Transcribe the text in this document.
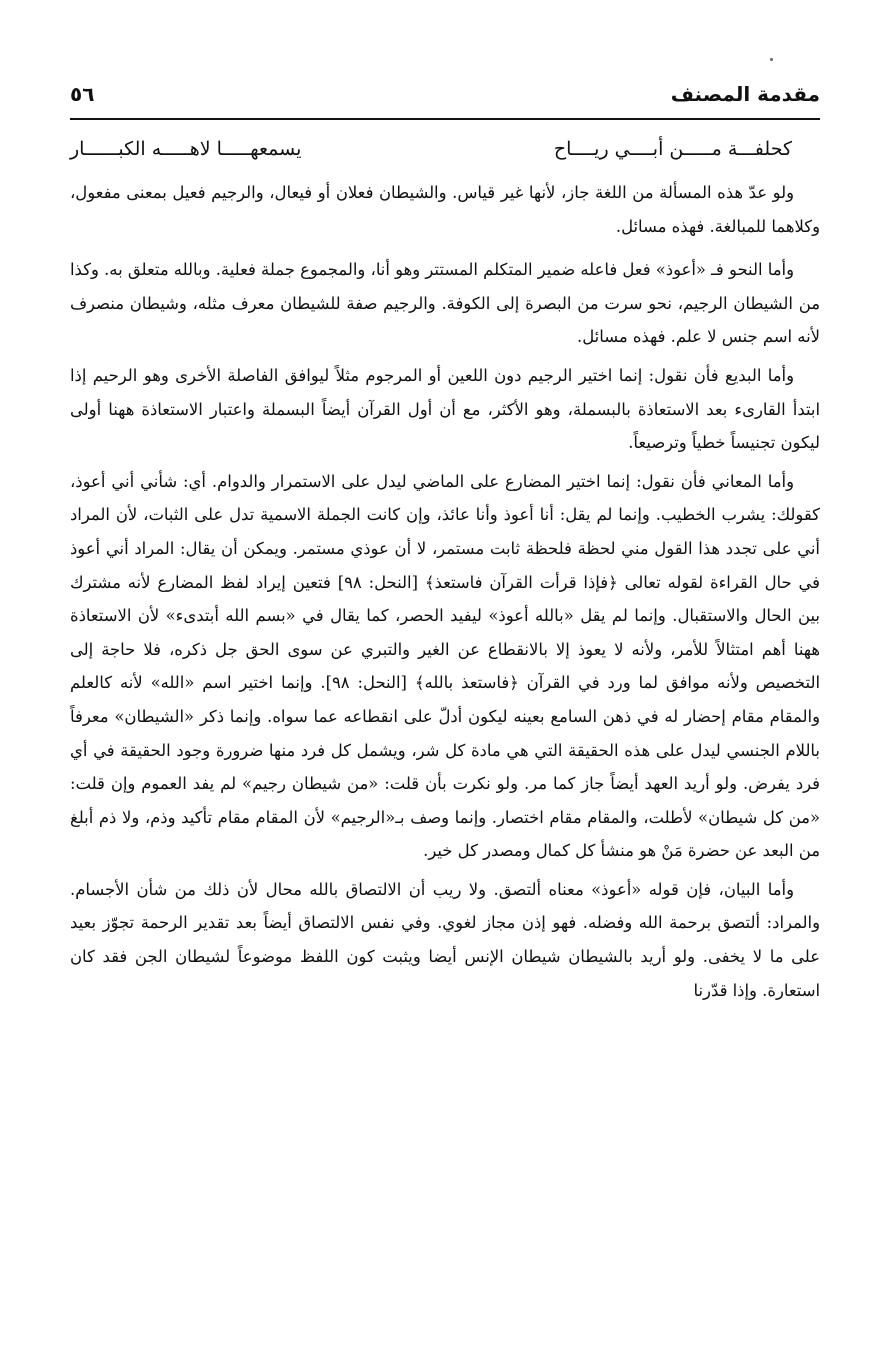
مقدمة المصنف
٥٦
كحلفـــة مـــــن أبــــي ريــــاح
يسمعهـــــا لاهـــــه الكبــــــار

ولو عدّ هذه المسألة من اللغة جاز، لأنها غير قياس. والشيطان فعلان أو فيعال، والرجيم فعيل بمعنى مفعول، وكلاهما للمبالغة. فهذه مسائل.

وأما النحو فـ «أعوذ» فعل فاعله ضمير المتكلم المستتر وهو أنا، والمجموع جملة فعلية. وبالله متعلق به. وكذا من الشيطان الرجيم، نحو سرت من البصرة إلى الكوفة. والرجيم صفة للشيطان معرف مثله، وشيطان منصرف لأنه اسم جنس لا علم. فهذه مسائل.

وأما البديع فأن نقول: إنما اختير الرجيم دون اللعين أو المرجوم مثلاً ليوافق الفاصلة الأخرى وهو الرحيم إذا ابتدأ القارىء بعد الاستعاذة بالبسملة، وهو الأكثر، مع أن أول القرآن أيضاً البسملة واعتبار الاستعاذة ههنا أولى ليكون تجنيساً خطياً وترصيعاً.

وأما المعاني فأن نقول: إنما اختير المضارع على الماضي ليدل على الاستمرار والدوام. أي: شأني أني أعوذ، كقولك: يشرب الخطيب. وإنما لم يقل: أنا أعوذ وأنا عائذ، وإن كانت الجملة الاسمية تدل على الثبات، لأن المراد أني على تجدد هذا القول مني لحظة فلحظة ثابت مستمر، لا أن عوذي مستمر. ويمكن أن يقال: المراد أني أعوذ في حال القراءة لقوله تعالى ﴿فإذا قرأت القرآن فاستعذ﴾ [النحل: ٩٨] فتعين إيراد لفظ المضارع لأنه مشترك بين الحال والاستقبال. وإنما لم يقل «بالله أعوذ» ليفيد الحصر، كما يقال في «بسم الله أبتدىء» لأن الاستعاذة ههنا أهم امتثالاً للأمر، ولأنه لا يعوذ إلا بالانقطاع عن الغير والتبري عن سوى الحق جل ذكره، فلا حاجة إلى التخصيص ولأنه موافق لما ورد في القرآن ﴿فاستعذ بالله﴾ [النحل: ٩٨]. وإنما اختير اسم «الله» لأنه كالعلم والمقام مقام إحضار له في ذهن السامع بعينه ليكون أدلّ على انقطاعه عما سواه. وإنما ذكر «الشيطان» معرفاً باللام الجنسي ليدل على هذه الحقيقة التي هي مادة كل شر، ويشمل كل فرد منها ضرورة وجود الحقيقة في أي فرد يفرض. ولو أريد العهد أيضاً جاز كما مر. ولو نكرت بأن قلت: «من شيطان رجيم» لم يفد العموم وإن قلت: «من كل شيطان» لأطلت، والمقام مقام اختصار. وإنما وصف بـ«الرجيم» لأن المقام مقام تأكيد وذم، ولا ذم أبلغ من البعد عن حضرة مَنْ هو منشأ كل كمال ومصدر كل خير.

وأما البيان، فإن قوله «أعوذ» معناه ألتصق. ولا ريب أن الالتصاق بالله محال لأن ذلك من شأن الأجسام. والمراد: ألتصق برحمة الله وفضله. فهو إذن مجاز لغوي. وفي نفس الالتصاق أيضاً بعد تقدير الرحمة تجوّز بعيد على ما لا يخفى. ولو أريد بالشيطان شيطان الإنس أيضا ويثبت كون اللفظ موضوعاً لشيطان الجن فقد كان استعارة. وإذا قدّرنا
